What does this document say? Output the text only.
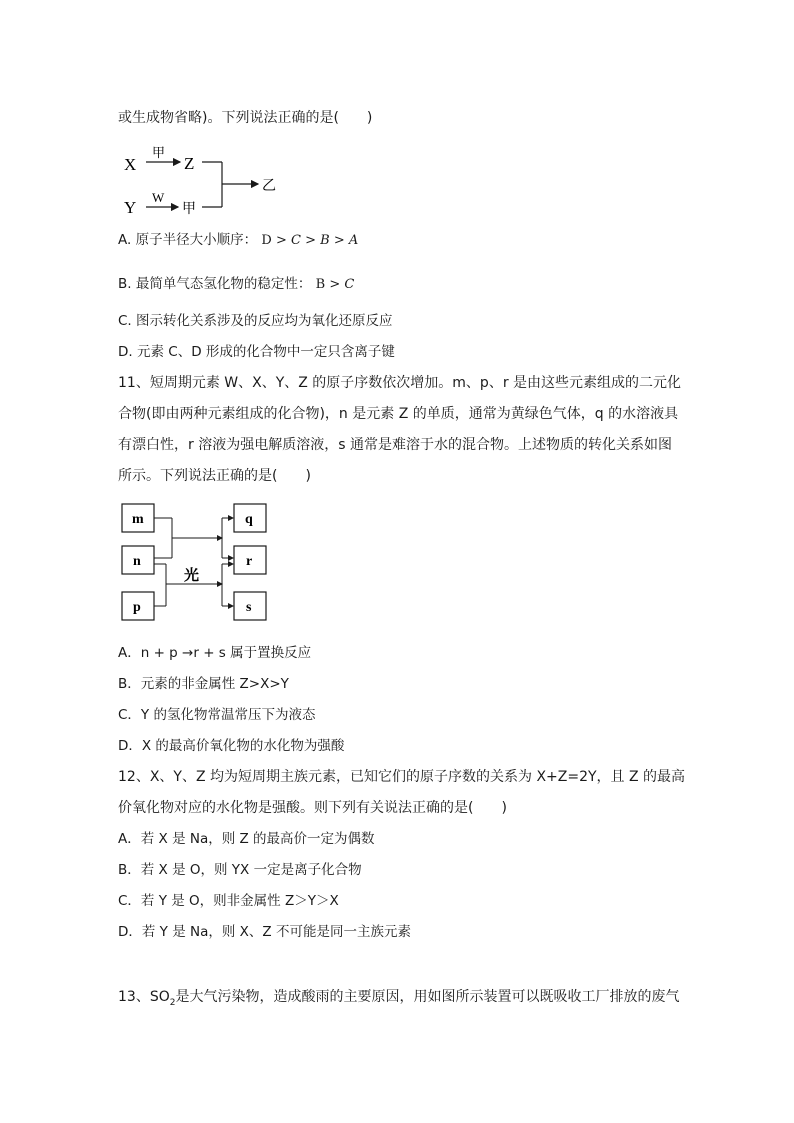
或生成物省略)。下列说法正确的是(　　)
X
甲
Z
Y
W
甲
乙
A. 原子半径大小顺序： D > C > B > A
B. 最简单气态氢化物的稳定性： B > C
C. 图示转化关系涉及的反应均为氧化还原反应
D. 元素 C、D 形成的化合物中一定只含离子键
11、短周期元素 W、X、Y、Z 的原子序数依次增加。m、p、r 是由这些元素组成的二元化
合物(即由两种元素组成的化合物)，n 是元素 Z 的单质，通常为黄绿色气体，q 的水溶液具
有漂白性，r 溶液为强电解质溶液，s 通常是难溶于水的混合物。上述物质的转化关系如图
所示。下列说法正确的是(　　)
m
n
p
q
r
s
光
A．n + p →r + s 属于置换反应
B．元素的非金属性 Z>X>Y
C．Y 的氢化物常温常压下为液态
D．X 的最高价氧化物的水化物为强酸
12、X、Y、Z 均为短周期主族元素，已知它们的原子序数的关系为 X+Z=2Y，且 Z 的最高
价氧化物对应的水化物是强酸。则下列有关说法正确的是(　　)
A．若 X 是 Na，则 Z 的最高价一定为偶数
B．若 X 是 O，则 YX 一定是离子化合物
C．若 Y 是 O，则非金属性 Z＞Y＞X
D．若 Y 是 Na，则 X、Z 不可能是同一主族元素
13、$SO_2$是大气污染物，造成酸雨的主要原因，用如图所示装置可以既吸收工厂排放的废气
